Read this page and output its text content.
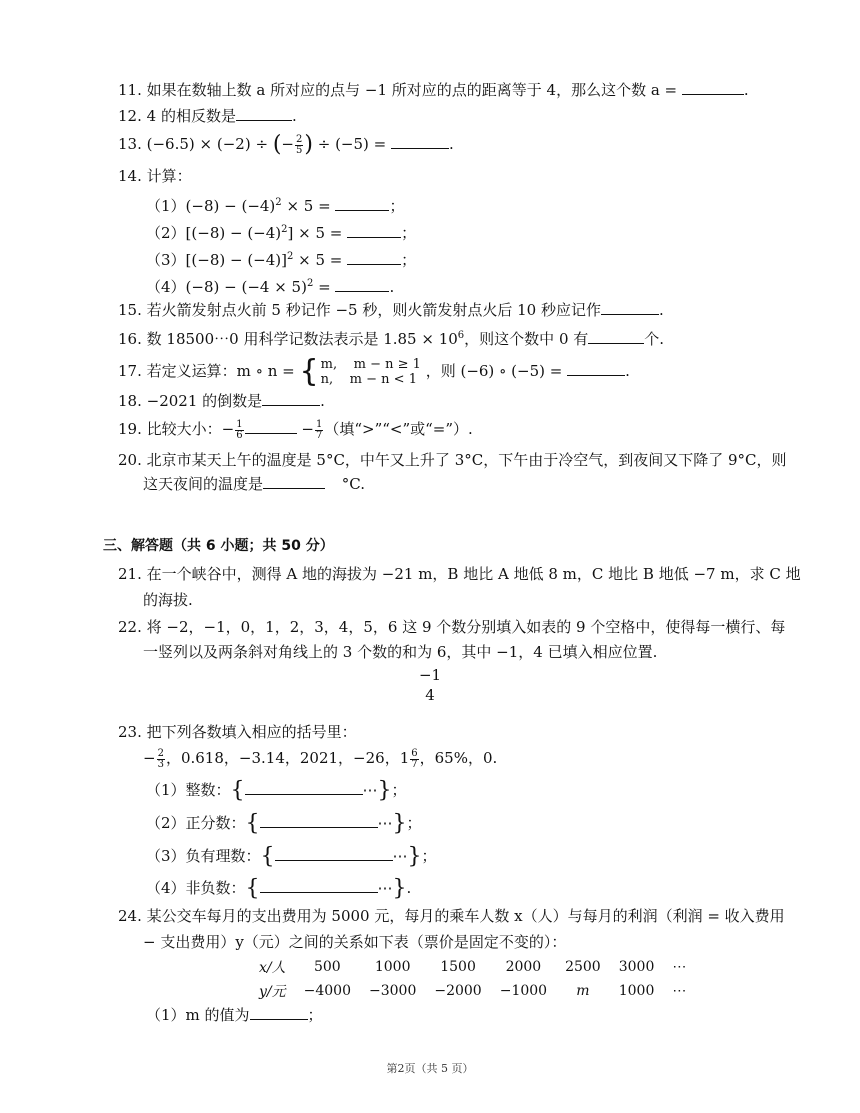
11. 如果在数轴上数 a 所对应的点与 −1 所对应的点的距离等于 4，那么这个数 a =	.
12. 4 的相反数是	.
13. (−6.5) × (−2) ÷ (− $\frac{2}{5}$ ) ÷ (−5) =	.
14. 计算：
$(1)(-8) - (-4)^2 \times 5$ =	；
$(2)[(-8) - (-4)^2] \times 5$ =	；
$(3)[(-8) - (-4)]^2 \times 5$ =	；
$(4)(-8) - (-4 \times 5)^2$ =	.
15. 若火箭发射点火前 5 秒记作 −5 秒，则火箭发射点火后 10 秒应记作	.
16. 数 18500⋯0 用科学记数法表示是 $1.85 \times 10^6$，则这个数中 0 有	个.
17. 若定义运算：m ∘ n = { m,    m − n ≥ 1
n,    m − n < 1 ，则 (−6) ∘ (−5) =	.
18. −2021 的倒数是	.
19. 比较大小：− $\frac{1}{6}$	− $\frac{1}{7}$ （填“>”“<”或“=”）.
20. 北京市某天上午的温度是 5°C，中午又上升了 3°C，下午由于冷空气，到夜间又下降了 9°C，则
这天夜间的温度是	°C.
三、解答题（共 6 小题；共 50 分）
21. 在一个峡谷中，测得 A 地的海拔为 −21 m，B 地比 A 地低 8 m，C 地比 B 地低 −7 m，求 C 地
的海拔.
22. 将 −2，−1，0，1，2，3，4，5，6 这 9 个数分别填入如表的 9 个空格中，使得每一横行、每
一竖列以及两条斜对角线上的 3 个数的和为 6，其中 −1，4 已填入相应位置.
−1
4
23. 把下列各数填入相应的括号里：
− $\frac{2}{3}$ ，0.618，−3.14，2021，−26，$1 \frac{6}{7}$ ，65%，0.
（1）整数：{	⋯}；
（2）正分数：{	⋯}；
（3）负有理数：{	⋯}；
（4）非负数：{	⋯}.
24. 某公交车每月的支出费用为 5000 元，每月的乘车人数 x（人）与每月的利润（利润 = 收入费用
− 支出费用）y（元）之间的关系如下表（票价是固定不变的）：
x/人	500	1000	1500	2000	2500	3000	⋯
y/元	−4000	−3000	−2000	−1000	m	1000	⋯
（1）m 的值为	；
第2页（共 5 页）
